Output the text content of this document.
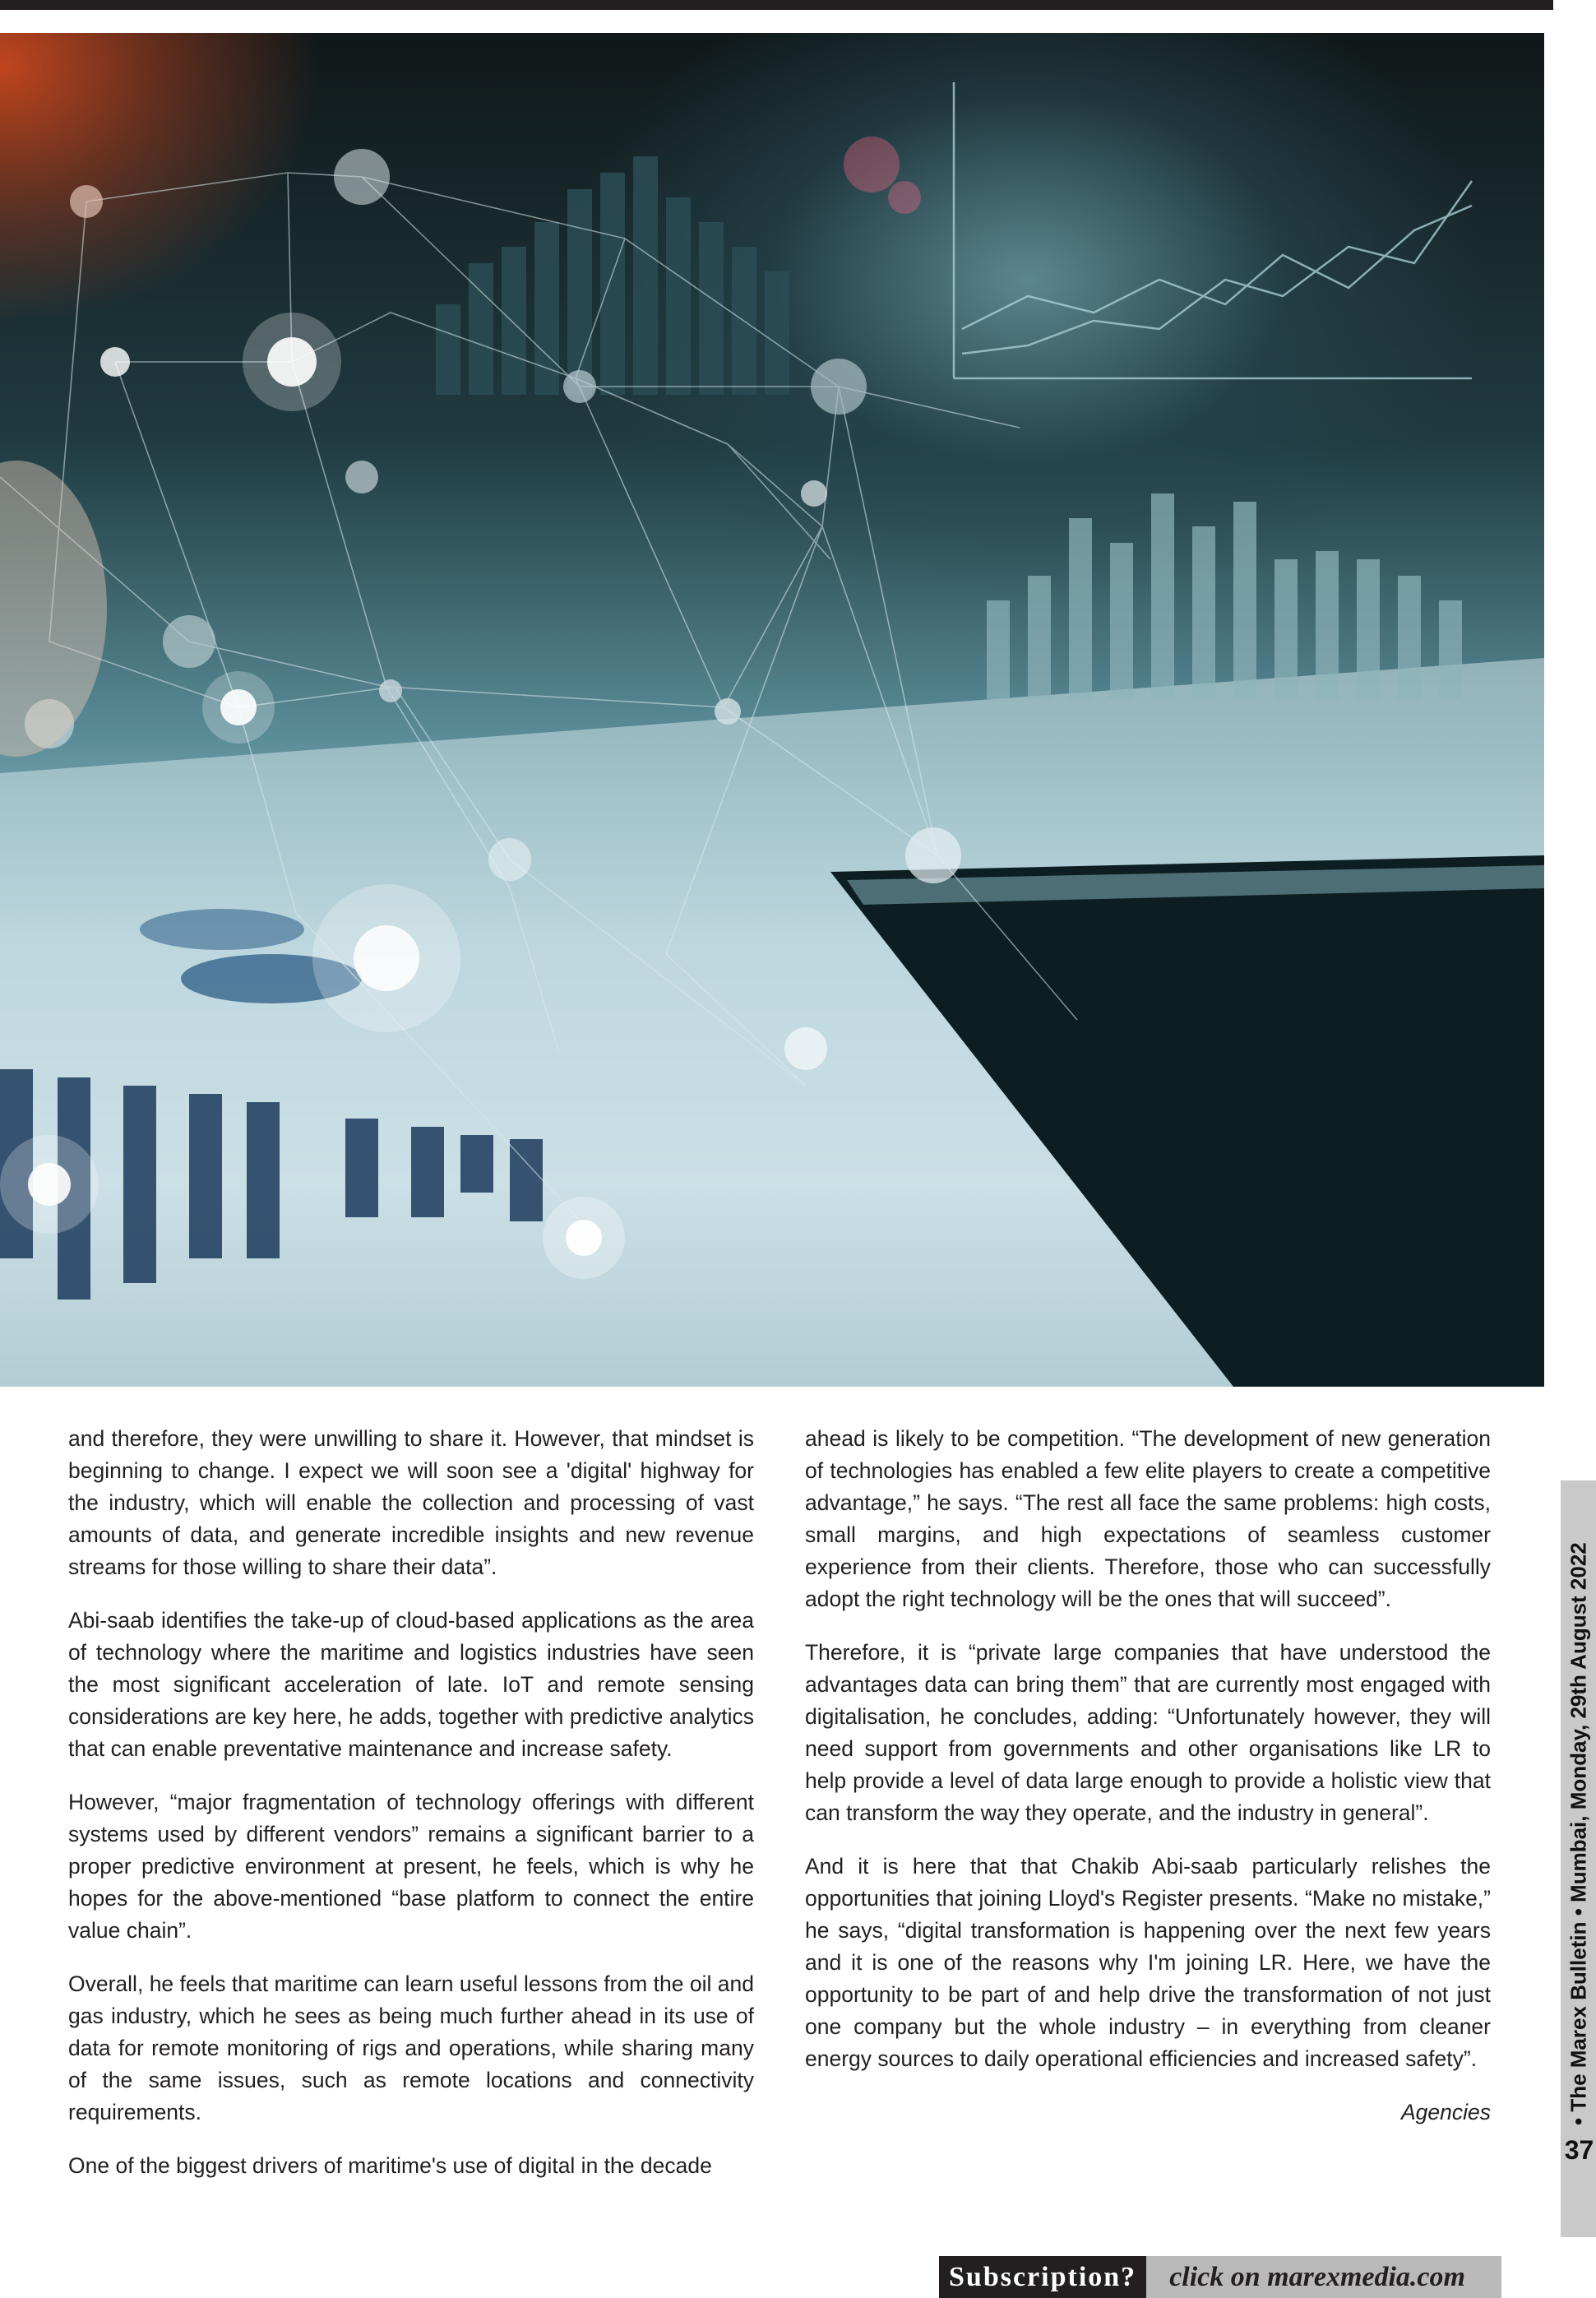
and therefore, they were unwilling to share it. However, that mindset is beginning to change. I expect we will soon see a 'digital' highway for the industry, which will enable the collection and processing of vast amounts of data, and generate incredible insights and new revenue streams for those willing to share their data”.

Abi-saab identifies the take-up of cloud-based applications as the area of technology where the maritime and logistics industries have seen the most significant acceleration of late. IoT and remote sensing considerations are key here, he adds, together with predictive analytics that can enable preventative maintenance and increase safety.

However, “major fragmentation of technology offerings with different systems used by different vendors” remains a significant barrier to a proper predictive environment at present, he feels, which is why he hopes for the above-mentioned “base platform to connect the entire value chain”.

Overall, he feels that maritime can learn useful lessons from the oil and gas industry, which he sees as being much further ahead in its use of data for remote monitoring of rigs and operations, while sharing many of the same issues, such as remote locations and connectivity requirements.

One of the biggest drivers of maritime's use of digital in the decade

ahead is likely to be competition. “The development of new generation of technologies has enabled a few elite players to create a competitive advantage,” he says. “The rest all face the same problems: high costs, small margins, and high expectations of seamless customer experience from their clients. Therefore, those who can successfully adopt the right technology will be the ones that will succeed”.

Therefore, it is “private large companies that have understood the advantages data can bring them” that are currently most engaged with digitalisation, he concludes, adding: “Unfortunately however, they will need support from governments and other organisations like LR to help provide a level of data large enough to provide a holistic view that can transform the way they operate, and the industry in general”.

And it is here that that Chakib Abi-saab particularly relishes the opportunities that joining Lloyd's Register presents. “Make no mistake,” he says, “digital transformation is happening over the next few years and it is one of the reasons why I'm joining LR. Here, we have the opportunity to be part of and help drive the transformation of not just one company but the whole industry – in everything from cleaner energy sources to daily operational efficiencies and increased safety”.

Agencies	• The Marex Bulletin • Mumbai, Monday, 29th August 2022
37
Subscription?	click on marexmedia.com
